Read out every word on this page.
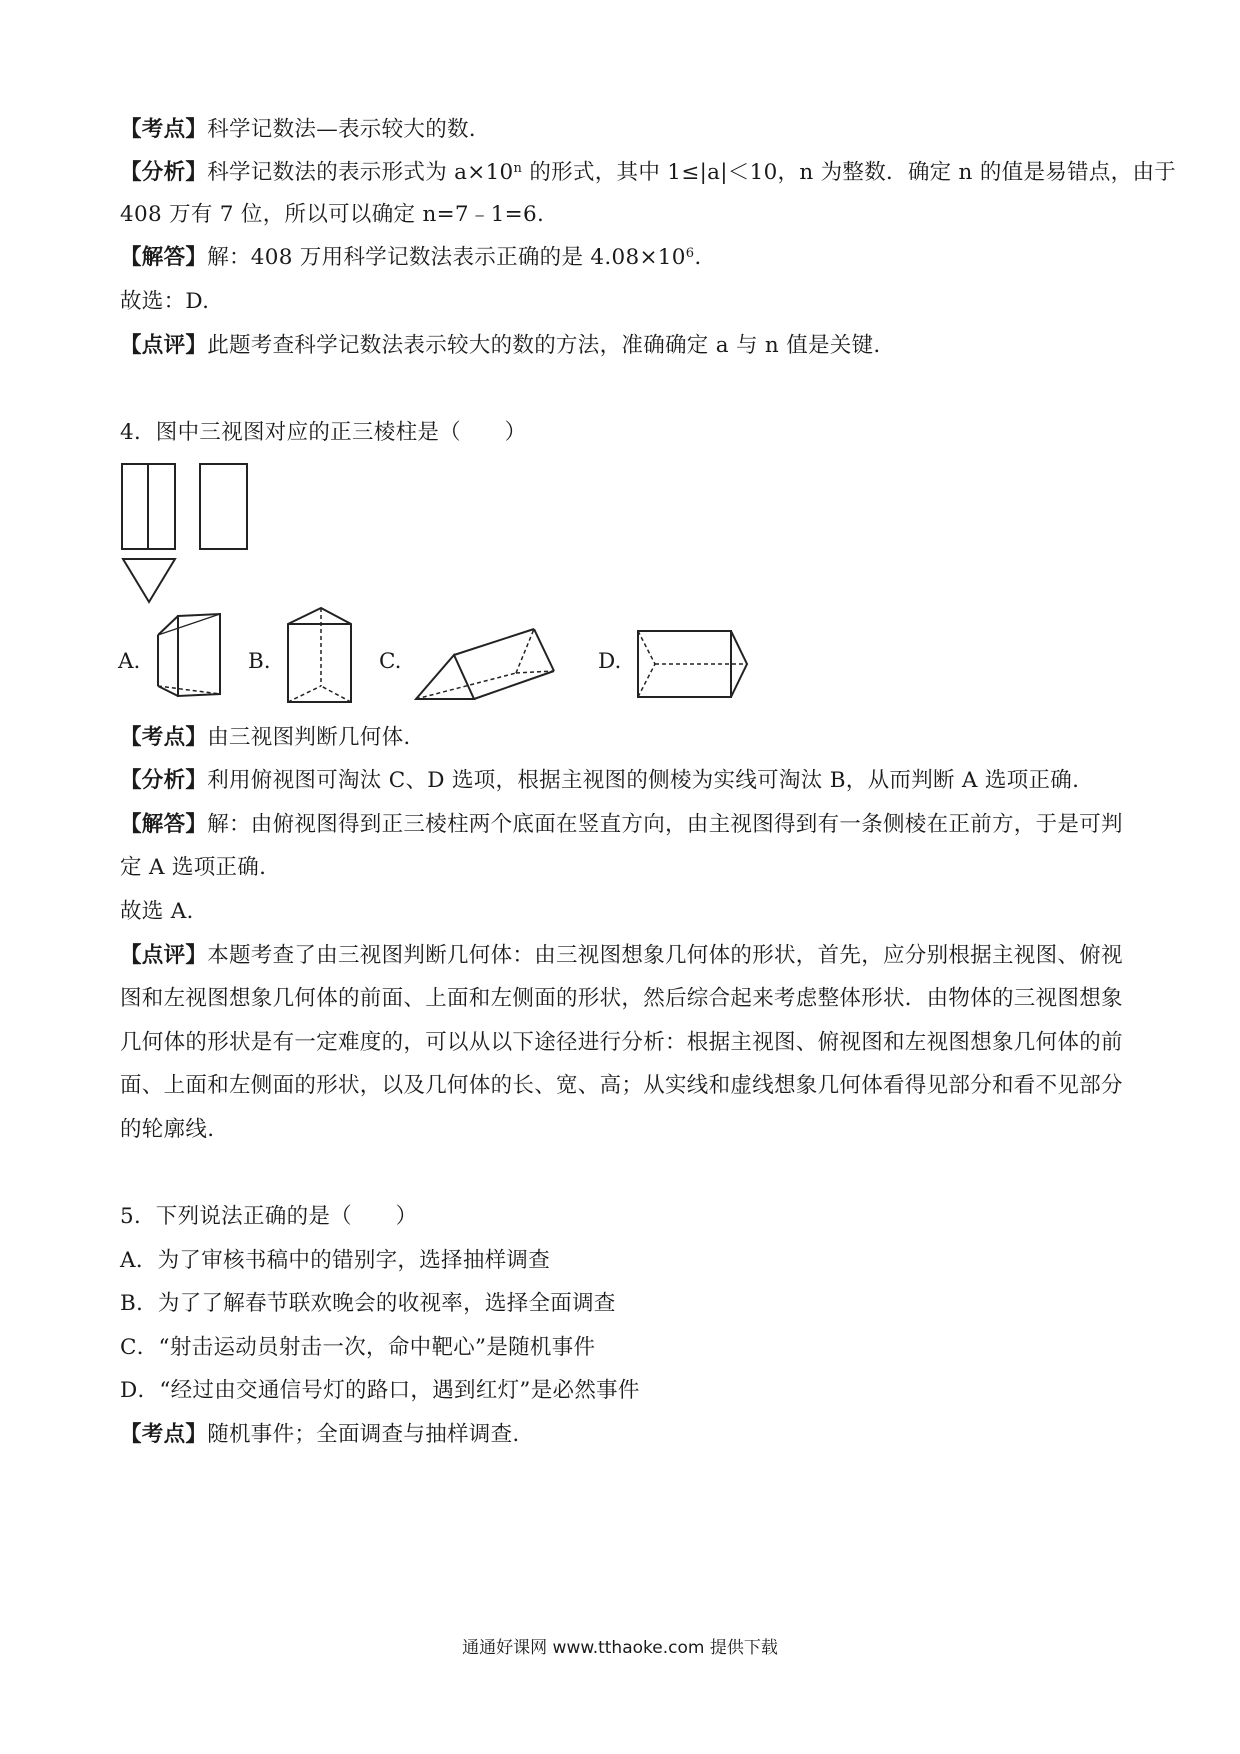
【考点】科学记数法—表示较大的数.
【分析】科学记数法的表示形式为 $a\times 10^n$ 的形式，其中 1≤|a|＜10，n 为整数．确定 n 的值是易错点，由于
408 万有 7 位，所以可以确定 n=7﹣1=6.
【解答】解：408 万用科学记数法表示正确的是 $4.08\times 10^6$.
故选：D.
【点评】此题考查科学记数法表示较大的数的方法，准确确定 a 与 n 值是关键.
4．图中三视图对应的正三棱柱是（　　）
A.	B.	C.	D.
【考点】由三视图判断几何体.
【分析】利用俯视图可淘汰 C、D 选项，根据主视图的侧棱为实线可淘汰 B，从而判断 A 选项正确.
【解答】解：由俯视图得到正三棱柱两个底面在竖直方向，由主视图得到有一条侧棱在正前方，于是可判
定 A 选项正确.
故选 A.
【点评】本题考查了由三视图判断几何体：由三视图想象几何体的形状，首先，应分别根据主视图、俯视
图和左视图想象几何体的前面、上面和左侧面的形状，然后综合起来考虑整体形状．由物体的三视图想象
几何体的形状是有一定难度的，可以从以下途径进行分析：根据主视图、俯视图和左视图想象几何体的前
面、上面和左侧面的形状，以及几何体的长、宽、高；从实线和虚线想象几何体看得见部分和看不见部分
的轮廓线.
5．下列说法正确的是（　　）
A．为了审核书稿中的错别字，选择抽样调查
B．为了了解春节联欢晚会的收视率，选择全面调查
C．“射击运动员射击一次，命中靶心”是随机事件
D．“经过由交通信号灯的路口，遇到红灯”是必然事件
【考点】随机事件；全面调查与抽样调查.
通通好课网 www.tthaoke.com 提供下载
